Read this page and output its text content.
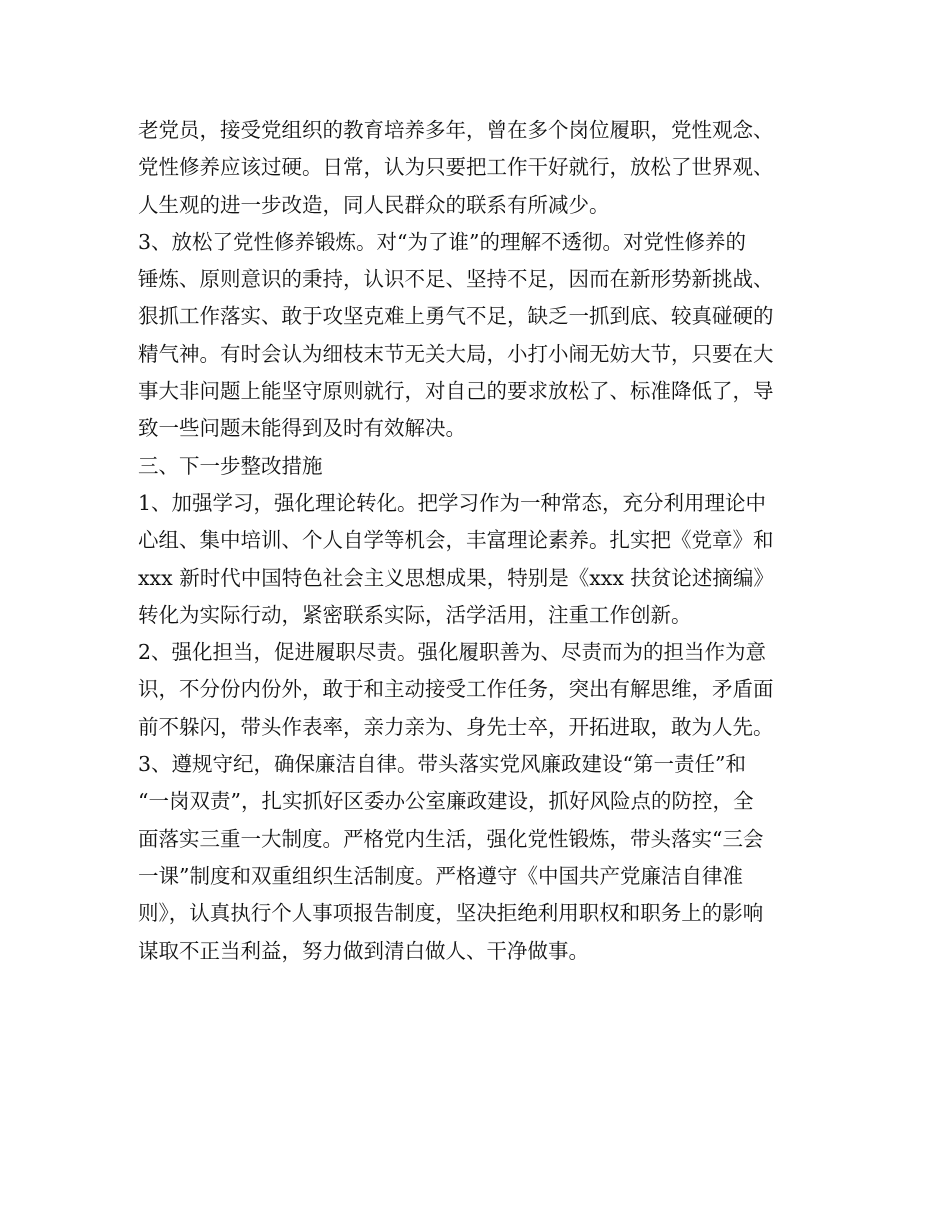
老党员，接受党组织的教育培养多年，曾在多个岗位履职，党性观念、
党性修养应该过硬。日常，认为只要把工作干好就行，放松了世界观、
人生观的进一步改造，同人民群众的联系有所减少。
3、放松了党性修养锻炼。对“为了谁”的理解不透彻。对党性修养的
锤炼、原则意识的秉持，认识不足、坚持不足，因而在新形势新挑战、
狠抓工作落实、敢于攻坚克难上勇气不足，缺乏一抓到底、较真碰硬的
精气神。有时会认为细枝末节无关大局，小打小闹无妨大节，只要在大
事大非问题上能坚守原则就行，对自己的要求放松了、标准降低了，导
致一些问题未能得到及时有效解决。
三、下一步整改措施
1、加强学习，强化理论转化。把学习作为一种常态，充分利用理论中
心组、集中培训、个人自学等机会，丰富理论素养。扎实把《党章》和
xxx 新时代中国特色社会主义思想成果，特别是《xxx 扶贫论述摘编》
转化为实际行动，紧密联系实际，活学活用，注重工作创新。
2、强化担当，促进履职尽责。强化履职善为、尽责而为的担当作为意
识，不分份内份外，敢于和主动接受工作任务，突出有解思维，矛盾面
前不躲闪，带头作表率，亲力亲为、身先士卒，开拓进取，敢为人先。
3、遵规守纪，确保廉洁自律。带头落实党风廉政建设“第一责任”和
“一岗双责”，扎实抓好区委办公室廉政建设，抓好风险点的防控，全
面落实三重一大制度。严格党内生活，强化党性锻炼，带头落实“三会
一课”制度和双重组织生活制度。严格遵守《中国共产党廉洁自律准
则》，认真执行个人事项报告制度，坚决拒绝利用职权和职务上的影响
谋取不正当利益，努力做到清白做人、干净做事。
